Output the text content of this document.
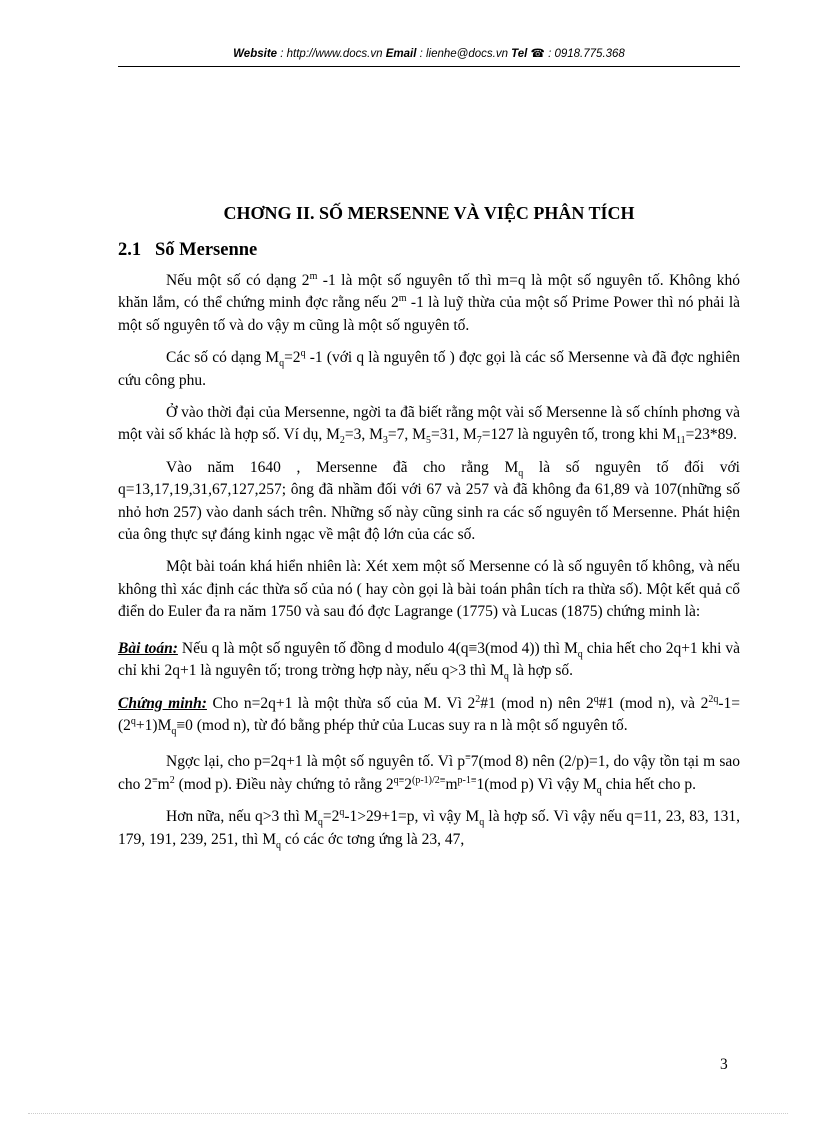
Website : http://www.docs.vn Email : lienhe@docs.vn Tel ☎ : 0918.775.368
CHƠNG II. SỐ MERSENNE VÀ VIỆC PHÂN TÍCH
2.1 Số Mersenne

Nếu một số có dạng 2$^m$ -1 là một số nguyên tố thì m=q là một số nguyên tố. Không khó khăn lắm, có thể chứng minh đợc rằng nếu 2$^m$ -1 là luỹ thừa của một số Prime Power thì nó phải là một số nguyên tố và do vậy m cũng là một số nguyên tố.

Các số có dạng $M_q=2^q$ -1 (với q là nguyên tố ) đợc gọi là các số Mersenne và đã đợc nghiên cứu công phu.

Ở vào thời đại của Mersenne, ngời ta đã biết rằng một vài số Mersenne là số chính phơng và một vài số khác là hợp số. Ví dụ, $M_2=3$, $M_3=7$, $M_5=31$, $M_7=127$ là nguyên tố, trong khi $M_{11}=23*89$.

Vào năm 1640 , Mersenne đã cho rằng $M_q$ là số nguyên tố đối với q=13,17,19,31,67,127,257; ông đã nhầm đối với 67 và 257 và đã không đa 61,89 và 107(những số nhỏ hơn 257) vào danh sách trên. Những số này cũng sinh ra các số nguyên tố Mersenne. Phát hiện của ông thực sự đáng kinh ngạc về mật độ lớn của các số.

Một bài toán khá hiển nhiên là: Xét xem một số Mersenne có là số nguyên tố không, và nếu không thì xác định các thừa số của nó ( hay còn gọi là bài toán phân tích ra thừa số). Một kết quả cổ điển do Euler đa ra năm 1750 và sau đó đợc Lagrange (1775) và Lucas (1875) chứng minh là:

Bài toán: Nếu q là một số nguyên tố đồng d modulo 4(q≡3(mod 4)) thì $M_q$ chia hết cho 2q+1 khi và chỉ khi 2q+1 là nguyên tố; trong trờng hợp này, nếu q>3 thì $M_q$ là hợp số.

Chứng minh: Cho n=2q+1 là một thừa số của M. Vì $2^2\#1$ (mod n) nên 2$^q$#1 (mod n), và $2^{2q}-1=(2^q+1)M_q\equiv 0$ (mod n), từ đó bằng phép thử của Lucas suy ra n là một số nguyên tố.

Ngợc lại, cho p=2q+1 là một số nguyên tố. Vì p≡7(mod 8) nên (2/p)=1, do vậy tồn tại m sao cho $2^\equiv m^2$ (mod p). Điều này chứng tỏ rằng $2^{q\equiv}2^{(p-1)/2\equiv}m^{p-1\equiv}1(mod$ p) Vì vậy $M_q$ chia hết cho p.

Hơn nữa, nếu q>3 thì $M_q=2^q-1>29+1=p$, vì vậy $M_q$ là hợp số. Vì vậy nếu q=11, 23, 83, 131, 179, 191, 239, 251, thì $M_q$ có các ớc tơng ứng là 23, 47,

3
